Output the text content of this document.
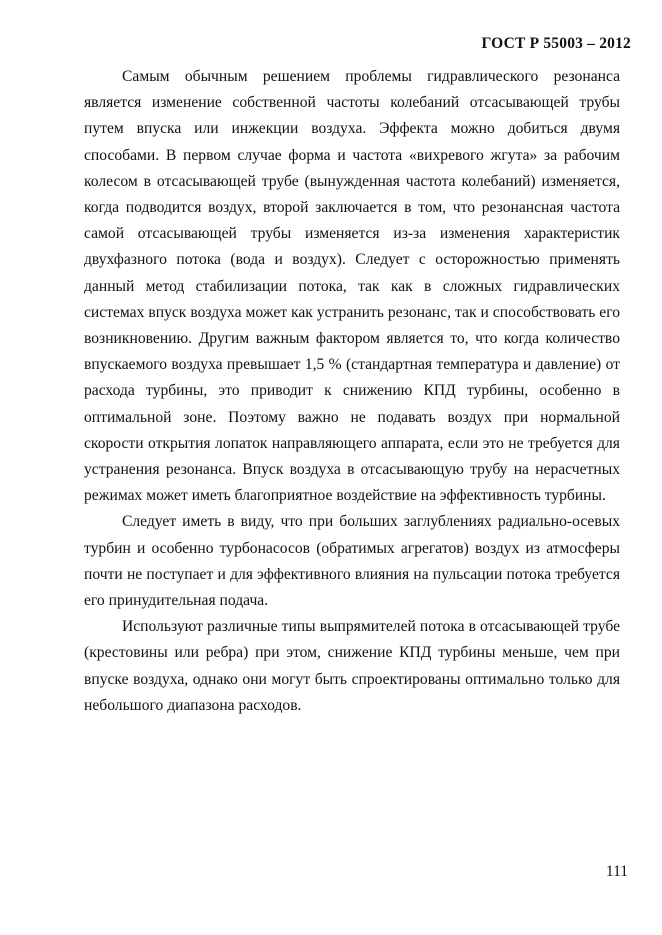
ГОСТ Р 55003 – 2012

Самым обычным решением проблемы гидравлического резонанса является изменение собственной частоты колебаний отсасывающей трубы путем впуска или инжекции воздуха. Эффекта можно добиться двумя способами. В первом случае форма и частота «вихревого жгута» за рабочим колесом в отсасывающей трубе (вынужденная частота колебаний) изменяется, когда подводится воздух, второй заключается в том, что резонансная частота самой отсасывающей трубы изменяется из-за изменения характеристик двухфазного потока (вода и воздух). Следует с осторожностью применять данный метод стабилизации потока, так как в сложных гидравлических системах впуск воздуха может как устранить резонанс, так и способствовать его возникновению. Другим важным фактором является то, что когда количество впускаемого воздуха превышает 1,5 % (стандартная температура и давление) от расхода турбины, это приводит к снижению КПД турбины, особенно в оптимальной зоне. Поэтому важно не подавать воздух при нормальной скорости открытия лопаток направляющего аппарата, если это не требуется для устранения резонанса. Впуск воздуха в отсасывающую трубу на нерасчетных режимах может иметь благоприятное воздействие на эффективность турбины.

Следует иметь в виду, что при больших заглублениях радиально-осевых турбин и особенно турбонасосов (обратимых агрегатов) воздух из атмосферы почти не поступает и для эффективного влияния на пульсации потока требуется его принудительная подача.

Используют различные типы выпрямителей потока в отсасывающей трубе (крестовины или ребра) при этом, снижение КПД турбины меньше, чем при впуске воздуха, однако они могут быть спроектированы оптимально только для небольшого диапазона расходов.

111
